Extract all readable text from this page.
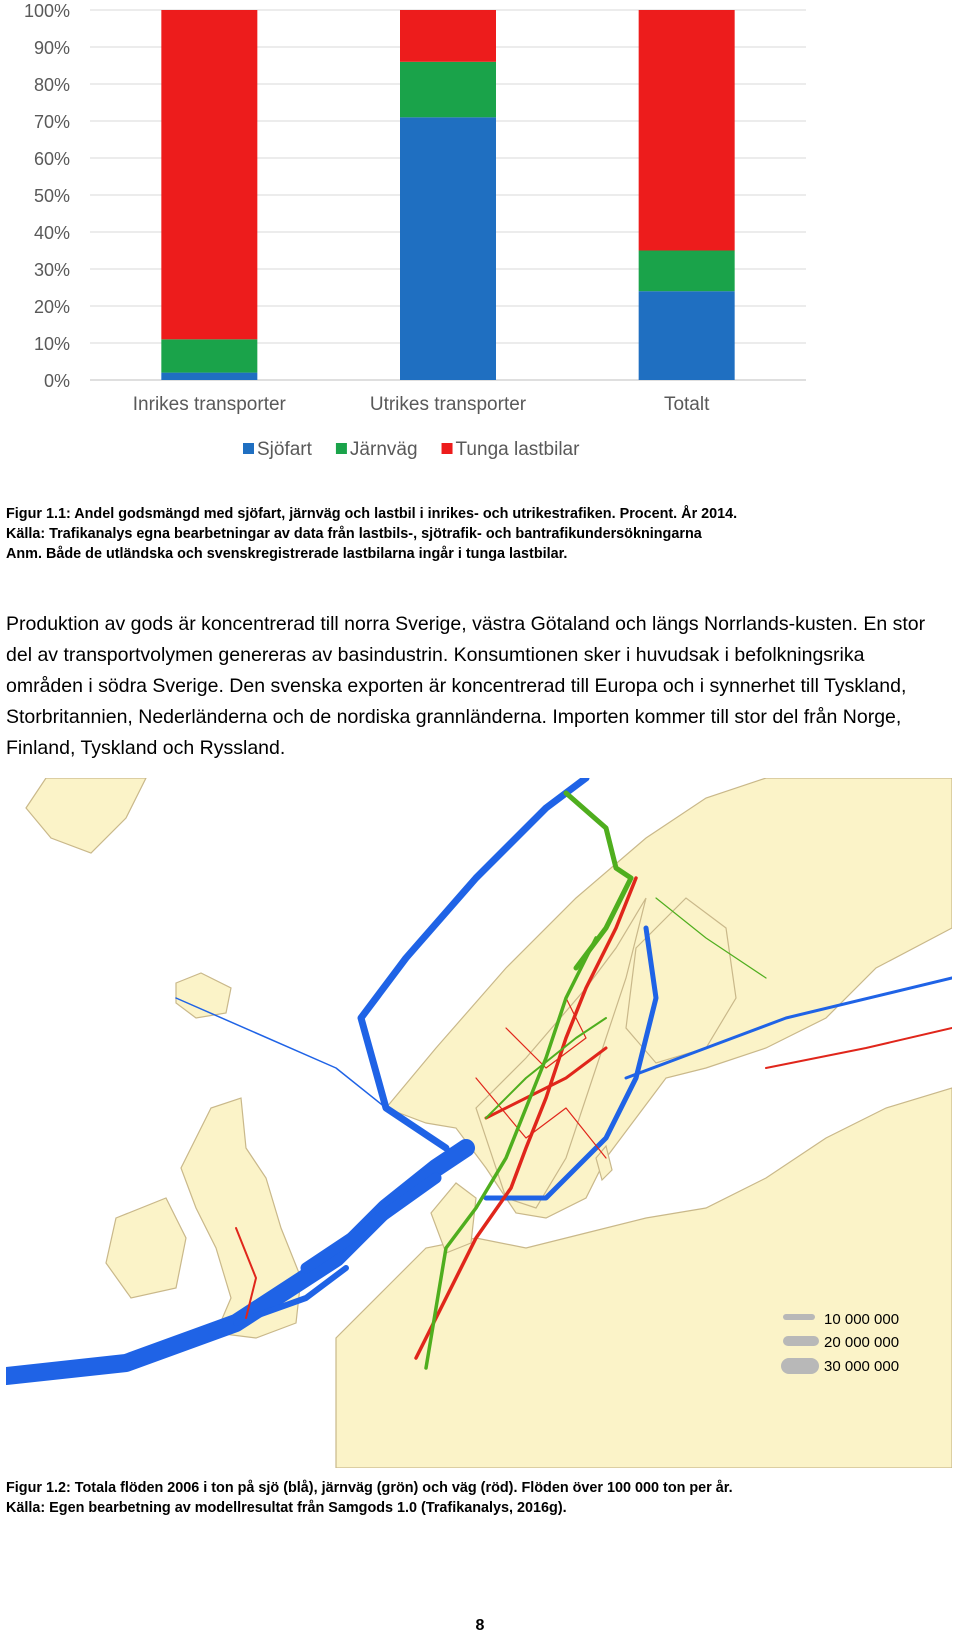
0%
10%
20%
30%
40%
50%
60%
70%
80%
90%
100%
Inrikes transporter	Utrikes transporter	Totalt
Sjöfart Järnväg Tunga lastbilar
Figur 1.1: Andel godsmängd med sjöfart, järnväg och lastbil i inrikes- och utrikestrafiken. Procent. År 2014.
Källa: Trafikanalys egna bearbetningar av data från lastbils-, sjötrafik- och bantrafikundersökningarna
Anm. Både de utländska och svenskregistrerade lastbilarna ingår i tunga lastbilar.

Produktion av gods är koncentrerad till norra Sverige, västra Götaland och längs Norrlands-kusten. En stor del av transportvolymen genereras av basindustrin. Konsumtionen sker i huvudsak i befolkningsrika områden i södra Sverige. Den svenska exporten är koncentrerad till Europa och i synnerhet till Tyskland, Storbritannien, Nederländerna och de nordiska grannländerna. Importen kommer till stor del från Norge, Finland, Tyskland och Ryssland.

10 000 000
20 000 000
30 000 000
Figur 1.2: Totala flöden 2006 i ton på sjö (blå), järnväg (grön) och väg (röd). Flöden över 100 000 ton per år.
Källa: Egen bearbetning av modellresultat från Samgods 1.0 (Trafikanalys, 2016g).
8
